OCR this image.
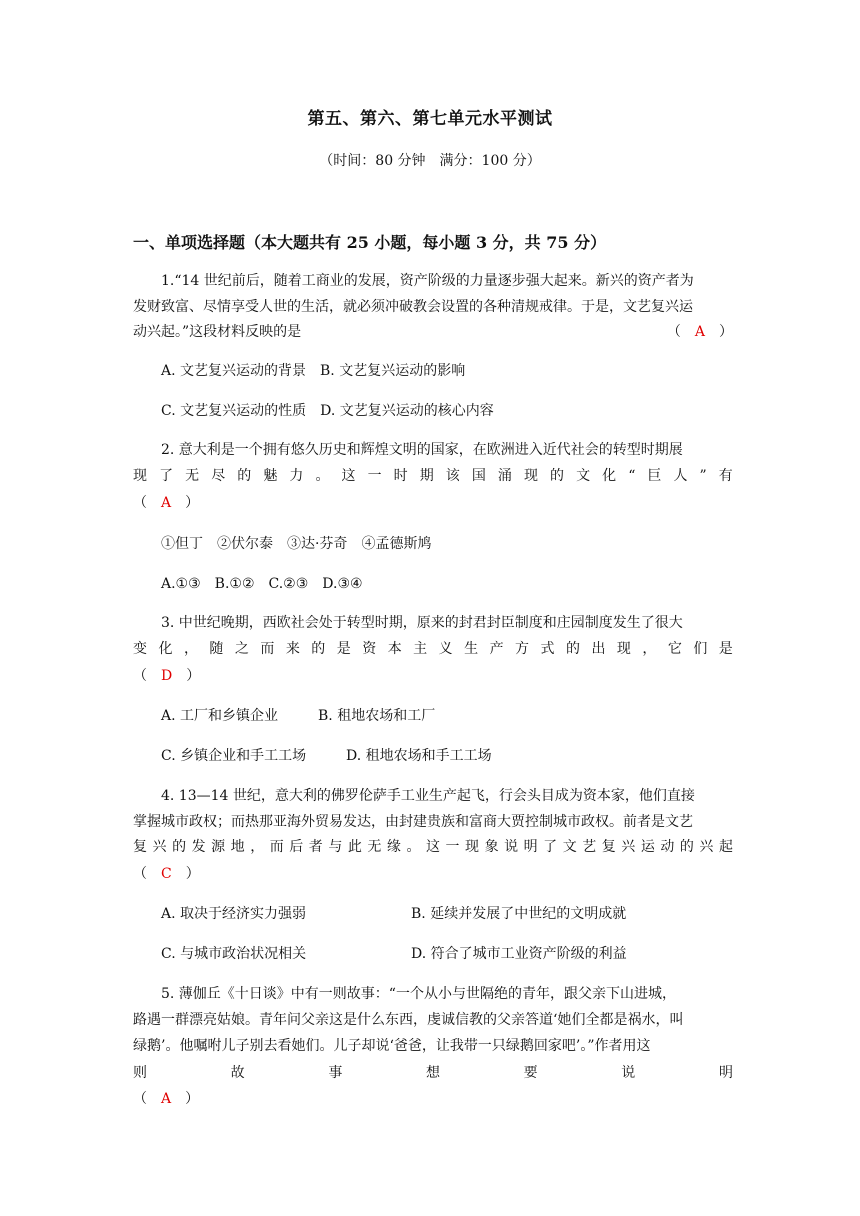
第五、第六、第七单元水平测试
（时间：80 分钟　满分：100 分）
一、单项选择题（本大题共有 25 小题，每小题 3 分，共 75 分）
1.“14 世纪前后，随着工商业的发展，资产阶级的力量逐步强大起来。新兴的资产者为
发财致富、尽情享受人世的生活，就必须冲破教会设置的各种清规戒律。于是，文艺复兴运
动兴起。”这段材料反映的是	（ A ）
A. 文艺复兴运动的背景 B. 文艺复兴运动的影响
C. 文艺复兴运动的性质 D. 文艺复兴运动的核心内容
2. 意大利是一个拥有悠久历史和辉煌文明的国家，在欧洲进入近代社会的转型时期展
现 了 无 尽 的 魅 力 。 这 一 时 期 该 国 涌 现 的 文 化 “ 巨 人 ” 有
（ A ）
①但丁　②伏尔泰　③达·芬奇　④孟德斯鸠
A.①③　B.①②　C.②③　D.③④
3. 中世纪晚期，西欧社会处于转型时期，原来的封君封臣制度和庄园制度发生了很大
变 化 ， 随 之 而 来 的 是 资 本 主 义 生 产 方 式 的 出 现 ， 它 们 是
（ D ）
A. 工厂和乡镇企业	B. 租地农场和工厂
C. 乡镇企业和手工工场	D. 租地农场和手工工场
4. 13—14 世纪，意大利的佛罗伦萨手工业生产起飞，行会头目成为资本家，他们直接
掌握城市政权；而热那亚海外贸易发达，由封建贵族和富商大贾控制城市政权。前者是文艺
复 兴 的 发 源 地 ， 而 后 者 与 此 无 缘 。 这 一 现 象 说 明 了 文 艺 复 兴 运 动 的 兴 起
（ C ）
A. 取决于经济实力强弱	B. 延续并发展了中世纪的文明成就
C. 与城市政治状况相关	D. 符合了城市工业资产阶级的利益
5. 薄伽丘《十日谈》中有一则故事：“一个从小与世隔绝的青年，跟父亲下山进城，
路遇一群漂亮姑娘。青年问父亲这是什么东西，虔诚信教的父亲答道‘她们全都是祸水，叫
绿鹅’。他嘱咐儿子别去看她们。儿子却说‘爸爸，让我带一只绿鹅回家吧’。”作者用这
则	故	事	想	要	说	明
（ A ）
